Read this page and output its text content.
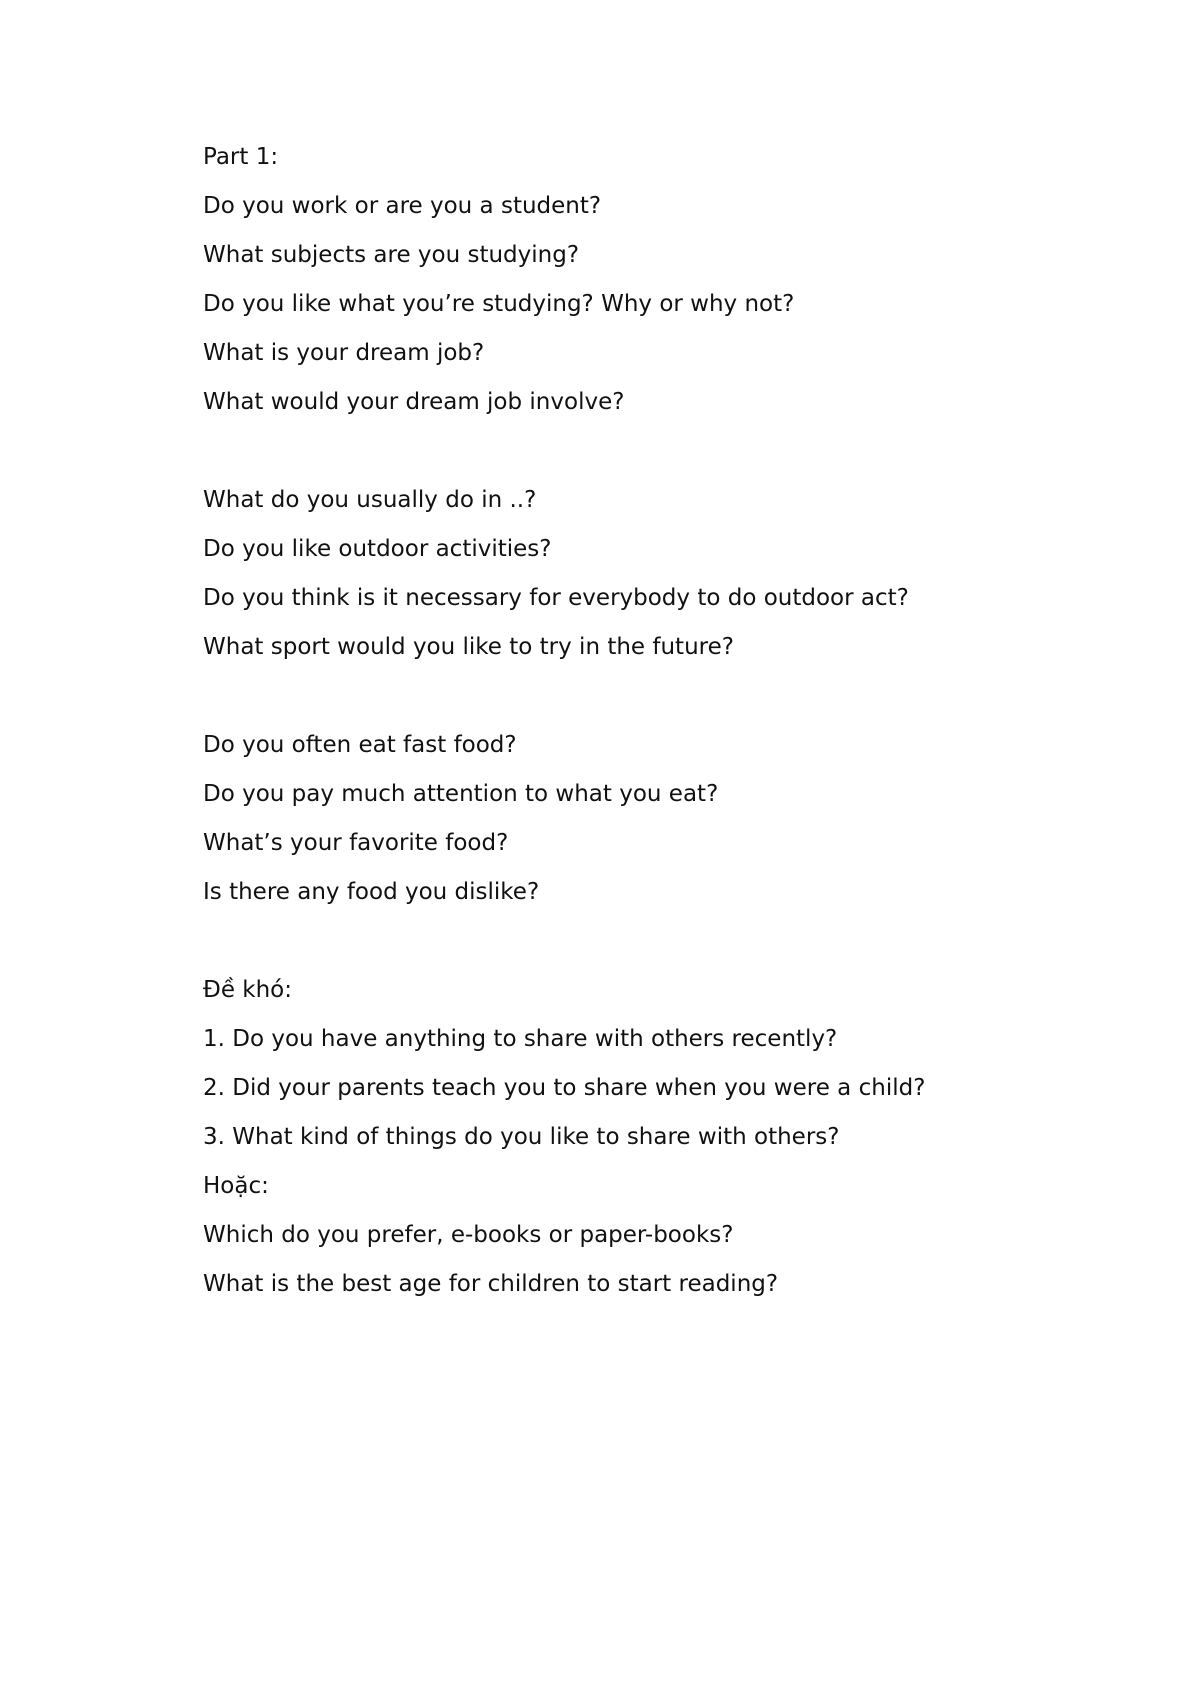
Part 1:
Do you work or are you a student?
What subjects are you studying?
Do you like what you’re studying? Why or why not?
What is your dream job?
What would your dream job involve?
What do you usually do in ..?
Do you like outdoor activities?
Do you think is it necessary for everybody to do outdoor act?
What sport would you like to try in the future?
Do you often eat fast food?
Do you pay much attention to what you eat?
What’s your favorite food?
Is there any food you dislike?
Đề khó:
1. Do you have anything to share with others recently?
2. Did your parents teach you to share when you were a child?
3. What kind of things do you like to share with others?
Hoặc:
Which do you prefer, e-books or paper-books?
What is the best age for children to start reading?
